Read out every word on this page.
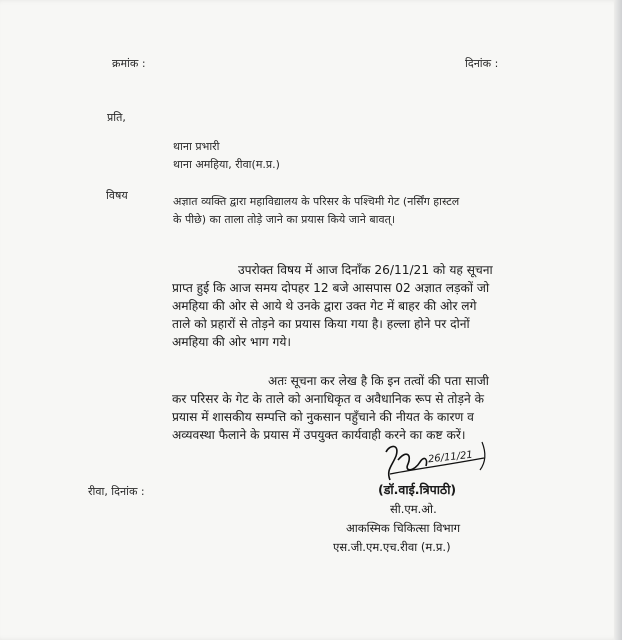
क्रमांक :	दिनांक :
प्रति,
थाना प्रभारी
थाना अमहिया, रीवा(म.प्र.)
विषय	अज्ञात व्यक्ति द्वारा महाविद्यालय के परिसर के पश्चिमी गेट (नर्सिंग हास्टल
के पीछे) का ताला तोड़े जाने का प्रयास किये जाने बावत्।
उपरोक्त विषय में आज दिनाँक 26/11/21 को यह सूचना
प्राप्त हुई कि आज समय दोपहर 12 बजे आसपास 02 अज्ञात लड़कों जो
अमहिया की ओर से आये थे उनके द्वारा उक्त गेट में बाहर की ओर लगे
ताले को प्रहारों से तोड़ने का प्रयास किया गया है। हल्ला होने पर दोनों
अमहिया की ओर भाग गये।
अतः सूचना कर लेख है कि इन तत्वों की पता साजी
कर परिसर के गेट के ताले को अनाधिकृत व अवैधानिक रूप से तोड़ने के
प्रयास में शासकीय सम्पत्ति को नुकसान पहुँचाने की नीयत के कारण व
अव्यवस्था फैलाने के प्रयास में उपयुक्त कार्यवाही करने का कष्ट करें।
26/11/21
रीवा, दिनांक :	(डॉ.वाई.त्रिपाठी)
सी.एम.ओ.
आकस्मिक चिकित्सा विभाग
एस.जी.एम.एच.रीवा (म.प्र.)
